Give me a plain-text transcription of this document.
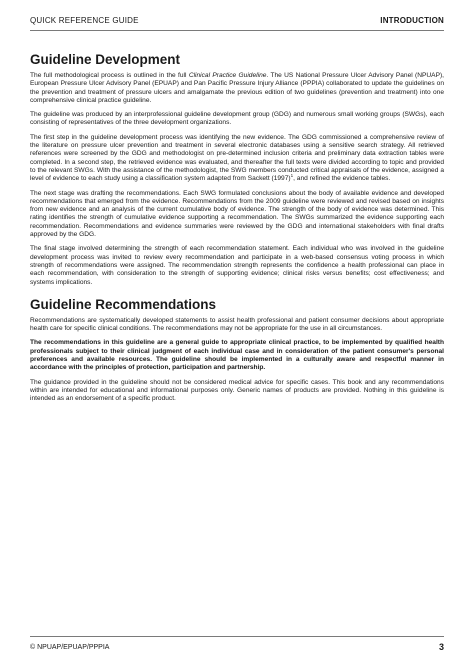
QUICK REFERENCE GUIDE	INTRODUCTION
Guideline Development

The full methodological process is outlined in the full Clinical Practice Guideline. The US National Pressure Ulcer Advisory Panel (NPUAP), European Pressure Ulcer Advisory Panel (EPUAP) and Pan Pacific Pressure Injury Alliance (PPPIA) collaborated to update the guidelines on the prevention and treatment of pressure ulcers and amalgamate the previous edition of two guidelines (prevention and treatment) into one comprehensive clinical practice guideline.

The guideline was produced by an interprofessional guideline development group (GDG) and numerous small working groups (SWGs), each consisting of representatives of the three development organizations.

The first step in the guideline development process was identifying the new evidence. The GDG commissioned a comprehensive review of the literature on pressure ulcer prevention and treatment in several electronic databases using a sensitive search strategy. All retrieved references were screened by the GDG and methodologist on pre-determined inclusion criteria and preliminary data extraction tables were completed. In a second step, the retrieved evidence was evaluated, and thereafter the full texts were divided according to topic and provided to the relevant SWGs. With the assistance of the methodologist, the SWG members conducted critical appraisals of the evidence, assigned a level of evidence to each study using a classification system adapted from Sackett $(1997)^1$, and refined the evidence tables.

The next stage was drafting the recommendations. Each SWG formulated conclusions about the body of available evidence and developed recommendations that emerged from the evidence. Recommendations from the 2009 guideline were reviewed and revised based on insights from new evidence and an analysis of the current cumulative body of evidence. The strength of the body of evidence was determined. This rating identifies the strength of cumulative evidence supporting a recommendation. The SWGs summarized the evidence supporting each recommendation. Recommendations and evidence summaries were reviewed by the GDG and international stakeholders with final drafts approved by the GDG.

The final stage involved determining the strength of each recommendation statement. Each individual who was involved in the guideline development process was invited to review every recommendation and participate in a web-based consensus voting process in which strength of recommendations were assigned. The recommendation strength represents the confidence a health professional can place in each recommendation, with consideration to the strength of supporting evidence; clinical risks versus benefits; cost effectiveness; and systems implications.

Guideline Recommendations

Recommendations are systematically developed statements to assist health professional and patient consumer decisions about appropriate health care for specific clinical conditions. The recommendations may not be appropriate for the use in all circumstances.

The recommendations in this guideline are a general guide to appropriate clinical practice, to be implemented by qualified health professionals subject to their clinical judgment of each individual case and in consideration of the patient consumer's personal preferences and available resources. The guideline should be implemented in a culturally aware and respectful manner in accordance with the principles of protection, participation and partnership.

The guidance provided in the guideline should not be considered medical advice for specific cases. This book and any recommendations within are intended for educational and informational purposes only. Generic names of products are provided. Nothing in this guideline is intended as an endorsement of a specific product.

© NPUAP/EPUAP/PPPIA	3
